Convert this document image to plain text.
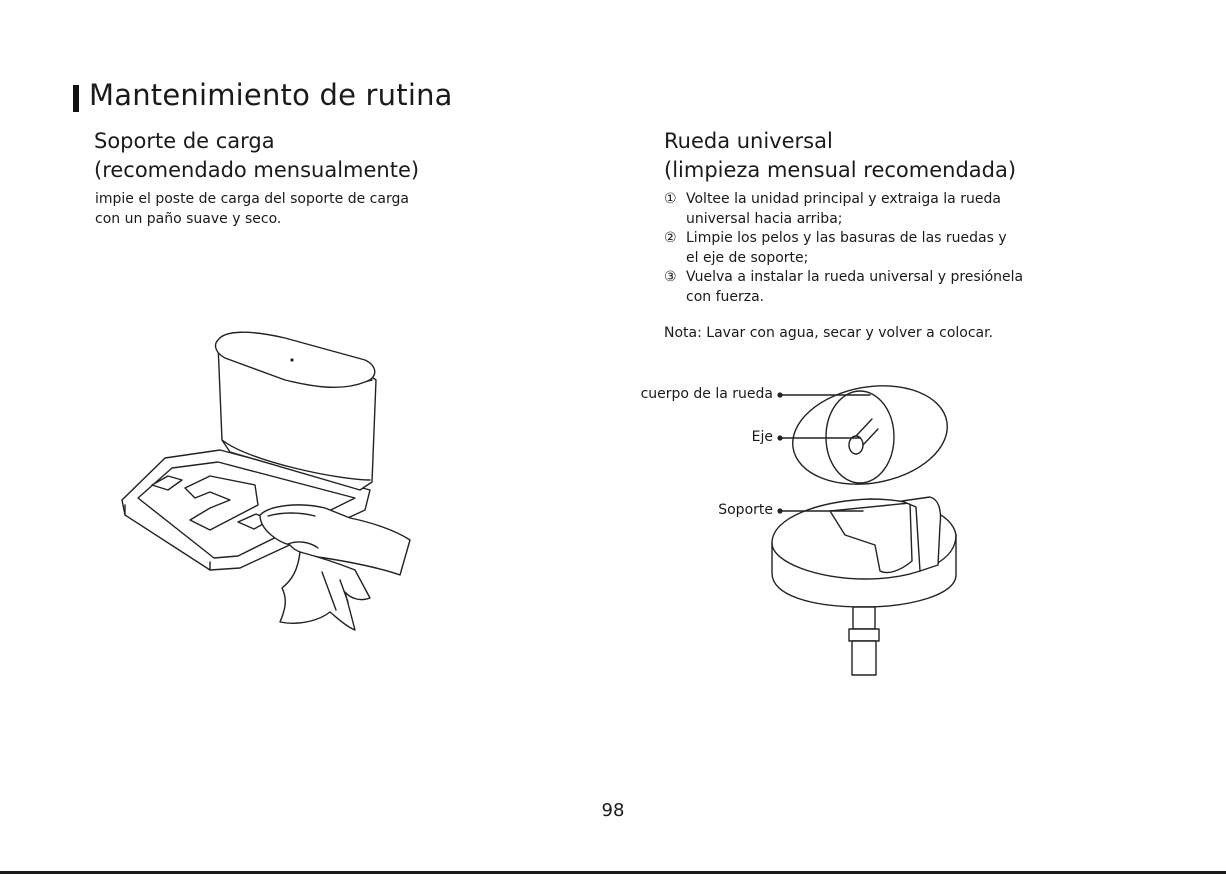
Mantenimiento de rutina
Soporte de carga
(recomendado mensualmente)
impie el poste de carga del soporte de carga
con un paño suave y seco.
Rueda universal
(limpieza mensual recomendada)
① Voltee la unidad principal y extraiga la rueda
universal hacia arriba;
② Limpie los pelos y las basuras de las ruedas y
el eje de soporte;
③ Vuelva a instalar la rueda universal y presiónela
con fuerza.
Nota: Lavar con agua, secar y volver a colocar.
cuerpo de la rueda
Eje
Soporte
98
